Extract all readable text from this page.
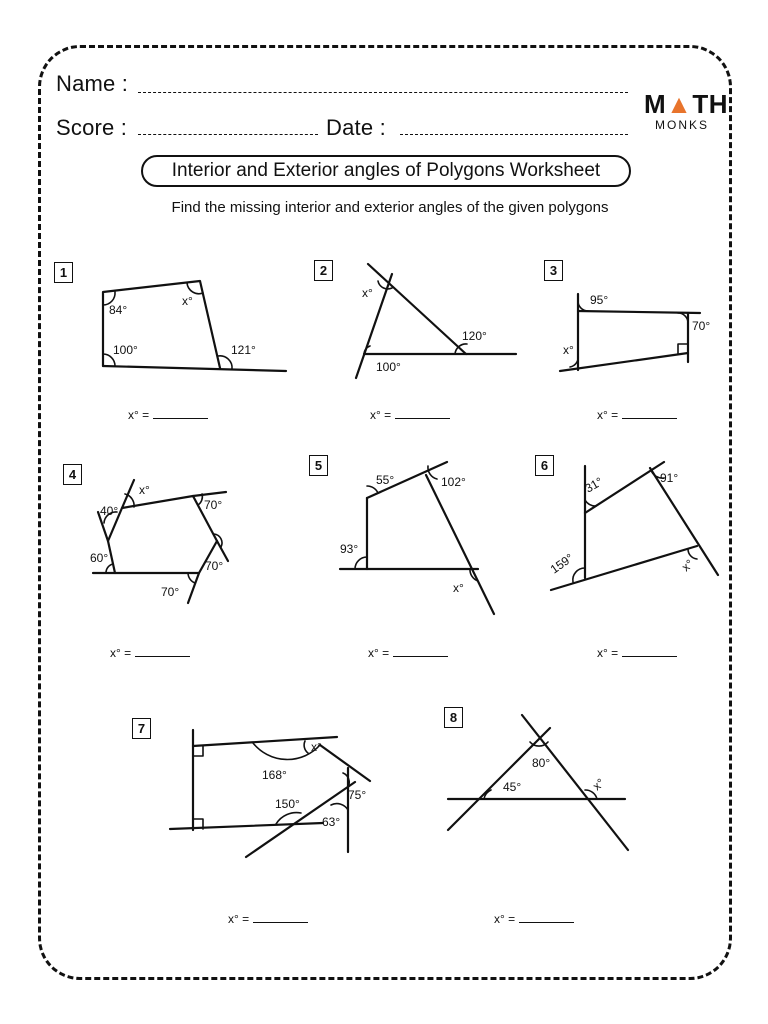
Name :
Score :	Date :
M▲TH
MONKS
Interior and Exterior angles of Polygons Worksheet
Find the missing interior and exterior angles of the given polygons
1	2	3
4
5	6
7
8
x° =	x° =	x° =
x° =	x° =	x° =
x° =	x° =
84°
x°
100°	121°
x°
120°
100°
95°
70°
x°
x°
40°	70°
60°
70°
70°
55°	102°
93°
x°
31°	91°
159°	x°
x°
168°
75°
150°
63°
80°
45°	x°
